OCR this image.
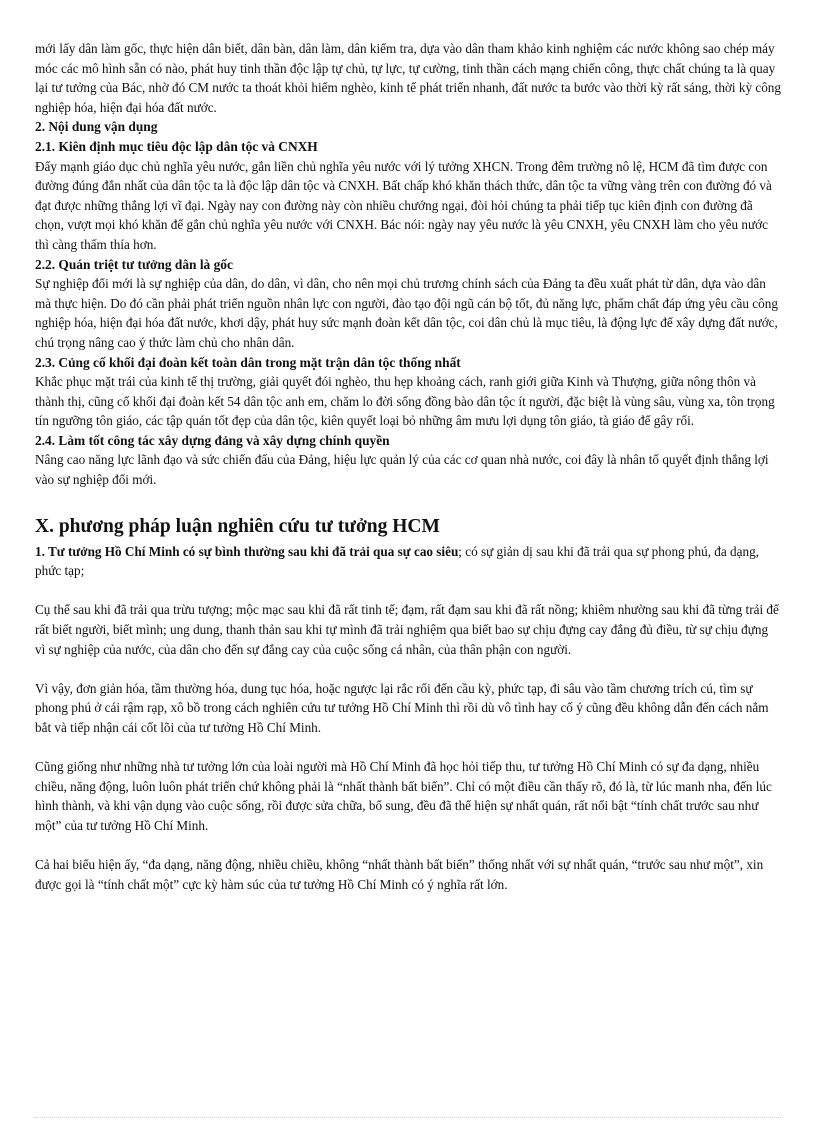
mới lấy dân làm gốc, thực hiện dân biết, dân bàn, dân làm, dân kiểm tra, dựa vào dân tham khảo kinh nghiệm các nước không sao chép máy móc các mô hình sẵn có nào, phát huy tinh thần độc lập tự chủ, tự lực, tự cường, tinh thần cách mạng chiến công, thực chất chúng ta là quay lại tư tưởng của Bác, nhờ đó CM nước ta thoát khỏi hiểm nghèo, kinh tế phát triển nhanh, đất nước ta bước vào thời kỳ rất sáng, thời kỳ công nghiệp hóa, hiện đại hóa đất nước.

2. Nội dung vận dụng
2.1. Kiên định mục tiêu độc lập dân tộc và CNXH

Đẩy mạnh giáo dục chủ nghĩa yêu nước, gắn liền chủ nghĩa yêu nước với lý tưởng XHCN. Trong đêm trường nô lệ, HCM đã tìm được con đường đúng đắn nhất của dân tộc ta là độc lập dân tộc và CNXH. Bất chấp khó khăn thách thức, dân tộc ta vững vàng trên con đường đó và đạt được những thắng lợi vĩ đại. Ngày nay con đường này còn nhiều chướng ngại, đòi hỏi chúng ta phải tiếp tục kiên định con đường đã chọn, vượt mọi khó khăn để gắn chủ nghĩa yêu nước với CNXH. Bác nói: ngày nay yêu nước là yêu CNXH, yêu CNXH làm cho yêu nước thì càng thấm thía hơn.

2.2. Quán triệt tư tưởng dân là gốc

Sự nghiệp đổi mới là sự nghiệp của dân, do dân, vì dân, cho nên mọi chủ trương chính sách của Đảng ta đều xuất phát từ dân, dựa vào dân mà thực hiện. Do đó cần phải phát triển nguồn nhân lực con người, đào tạo đội ngũ cán bộ tốt, đủ năng lực, phẩm chất đáp ứng yêu cầu công nghiệp hóa, hiện đại hóa đất nước, khơi dậy, phát huy sức mạnh đoàn kết dân tộc, coi dân chủ là mục tiêu, là động lực để xây dựng đất nước, chú trọng nâng cao ý thức làm chủ cho nhân dân.

2.3. Củng cố khối đại đoàn kết toàn dân trong mặt trận dân tộc thống nhất

Khắc phục mặt trái của kinh tế thị trường, giải quyết đói nghèo, thu hẹp khoảng cách, ranh giới giữa Kinh và Thượng, giữa nông thôn và thành thị, cũng cố khối đại đoàn kết 54 dân tộc anh em, chăm lo đời sống đồng bào dân tộc ít người, đặc biệt là vùng sâu, vùng xa, tôn trọng tín ngưỡng tôn giáo, các tập quán tốt đẹp của dân tộc, kiên quyết loại bỏ những âm mưu lợi dụng tôn giáo, tà giáo để gây rối.

2.4. Làm tốt công tác xây dựng đảng và xây dựng chính quyền

Nâng cao năng lực lãnh đạo và sức chiến đấu của Đảng, hiệu lực quản lý của các cơ quan nhà nước, coi đây là nhân tố quyết định thắng lợi vào sự nghiệp đổi mới.

X. phương pháp luận nghiên cứu tư tưởng HCM

1. Tư tưởng Hồ Chí Minh có sự bình thường sau khi đã trải qua sự cao siêu; có sự giản dị sau khi đã trải qua sự phong phú, đa dạng, phức tạp;

Cụ thể sau khi đã trải qua trừu tượng; mộc mạc sau khi đã rất tinh tế; đạm, rất đạm sau khi đã rất nồng; khiêm nhường sau khi đã từng trải để rất biết người, biết mình; ung dung, thanh thản sau khi tự mình đã trải nghiệm qua biết bao sự chịu đựng cay đắng đủ điều, từ sự chịu đựng vì sự nghiệp của nước, của dân cho đến sự đắng cay của cuộc sống cá nhân, của thân phận con người.

Vì vậy, đơn giản hóa, tầm thường hóa, dung tục hóa, hoặc ngược lại rắc rối đến cầu kỳ, phức tạp, đi sâu vào tầm chương trích cú, tìm sự phong phú ở cái rậm rạp, xô bồ trong cách nghiên cứu tư tưởng Hồ Chí Minh thì rồi dù vô tình hay cố ý cũng đều không dẫn đến cách nắm bắt và tiếp nhận cái cốt lõi của tư tưởng Hồ Chí Minh.

Cũng giống như những nhà tư tưởng lớn của loài người mà Hồ Chí Minh đã học hỏi tiếp thu, tư tưởng Hồ Chí Minh có sự đa dạng, nhiều chiều, năng động, luôn luôn phát triển chứ không phải là “nhất thành bất biến”. Chỉ có một điều cần thấy rõ, đó là, từ lúc manh nha, đến lúc hình thành, và khi vận dụng vào cuộc sống, rồi được sửa chữa, bổ sung, đều đã thể hiện sự nhất quán, rất nổi bật “tính chất trước sau như một” của tư tưởng Hồ Chí Minh.

Cả hai biểu hiện ấy, “đa dạng, năng động, nhiều chiều, không “nhất thành bất biến” thống nhất với sự nhất quán, “trước sau như một”, xin được gọi là “tính chất một” cực kỳ hàm súc của tư tưởng Hồ Chí Minh có ý nghĩa rất lớn.
